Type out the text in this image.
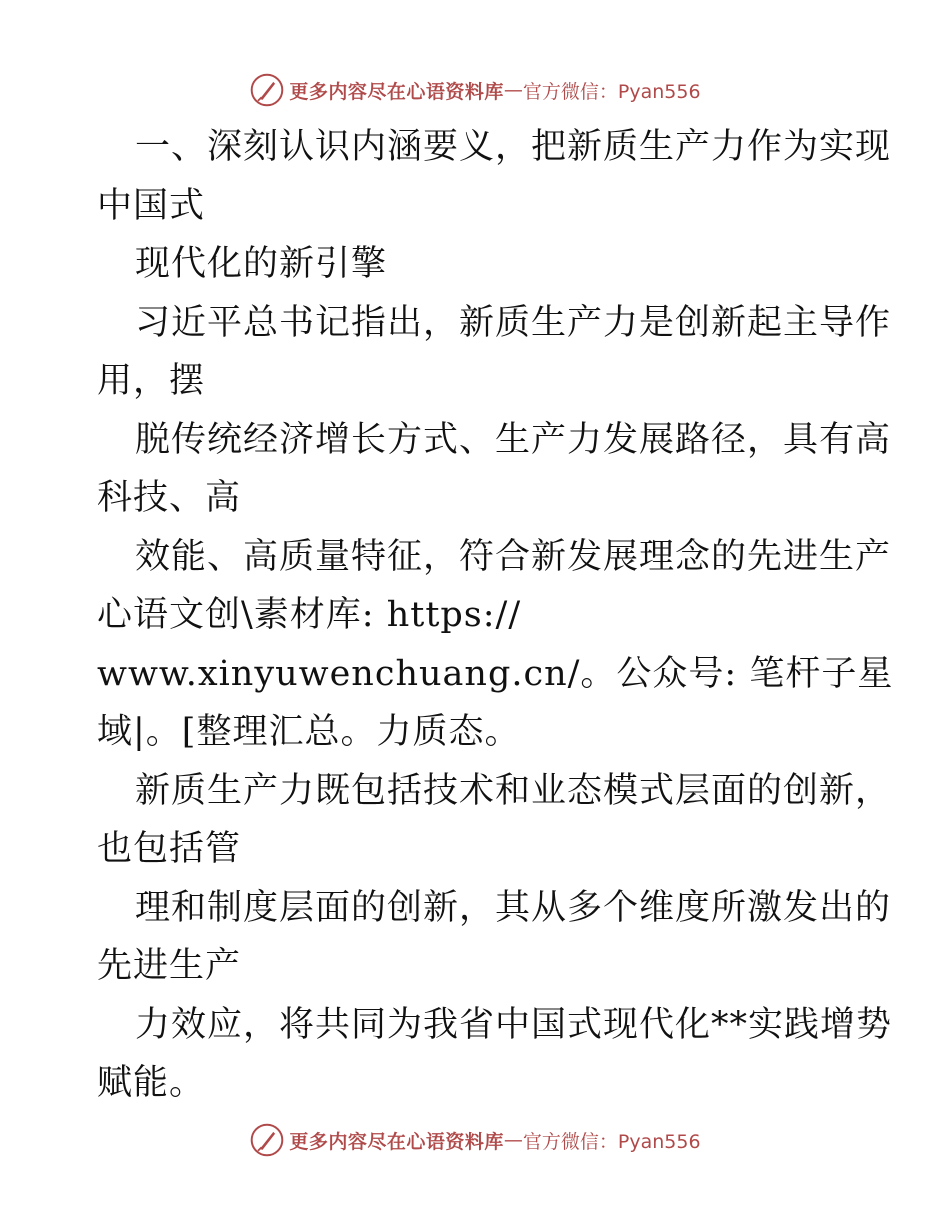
更多内容尽在心语资料库 — 官方微信：Pyan556
一、深刻认识内涵要义，把新质生产力作为实现
中国式
现代化的新引擎
习近平总书记指出，新质生产力是创新起主导作
用，摆
脱传统经济增长方式、生产力发展路径，具有高
科技、高
效能、高质量特征，符合新发展理念的先进生产
心语文创\素材库: https://
www.xinyuwenchuang.cn/。公众号: 笔杆子星
域|。[整理汇总。力质态。
新质生产力既包括技术和业态模式层面的创新，
也包括管
理和制度层面的创新，其从多个维度所激发出的
先进生产
力效应，将共同为我省中国式现代化**实践增势
赋能。
更多内容尽在心语资料库 — 官方微信：Pyan556
